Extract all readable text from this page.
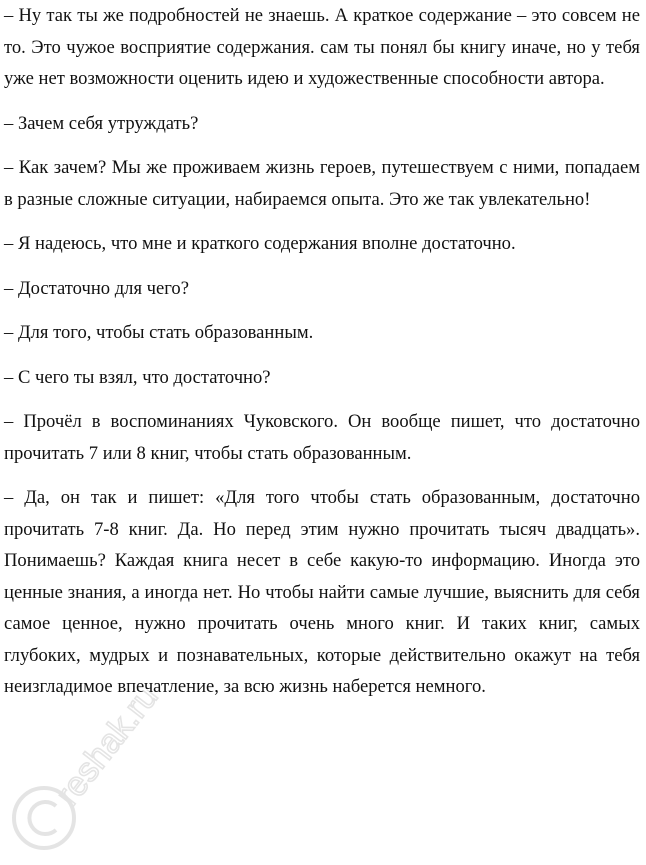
– Ну так ты же подробностей не знаешь. А краткое содержание – это совсем не то. Это чужое восприятие содержания. сам ты понял бы книгу иначе, но у тебя уже нет возможности оценить идею и художественные способности автора.

– Зачем себя утруждать?

– Как зачем? Мы же проживаем жизнь героев, путешествуем с ними, попадаем в разные сложные ситуации, набираемся опыта. Это же так увлекательно!

– Я надеюсь, что мне и краткого содержания вполне достаточно.

– Достаточно для чего?

– Для того, чтобы стать образованным.

– С чего ты взял, что достаточно?

– Прочёл в воспоминаниях Чуковского. Он вообще пишет, что достаточно прочитать 7 или 8 книг, чтобы стать образованным.

– Да, он так и пишет: «Для того чтобы стать образованным, достаточно прочитать 7-8 книг. Да. Но перед этим нужно прочитать тысяч двадцать». Понимаешь? Каждая книга несет в себе какую-то информацию. Иногда это ценные знания, а иногда нет. Но чтобы найти самые лучшие, выяснить для себя самое ценное, нужно прочитать очень много книг. И таких книг, самых глубоких, мудрых и познавательных, которые действительно окажут на тебя неизгладимое впечатление, за всю жизнь наберется немного.

reshak.ru
